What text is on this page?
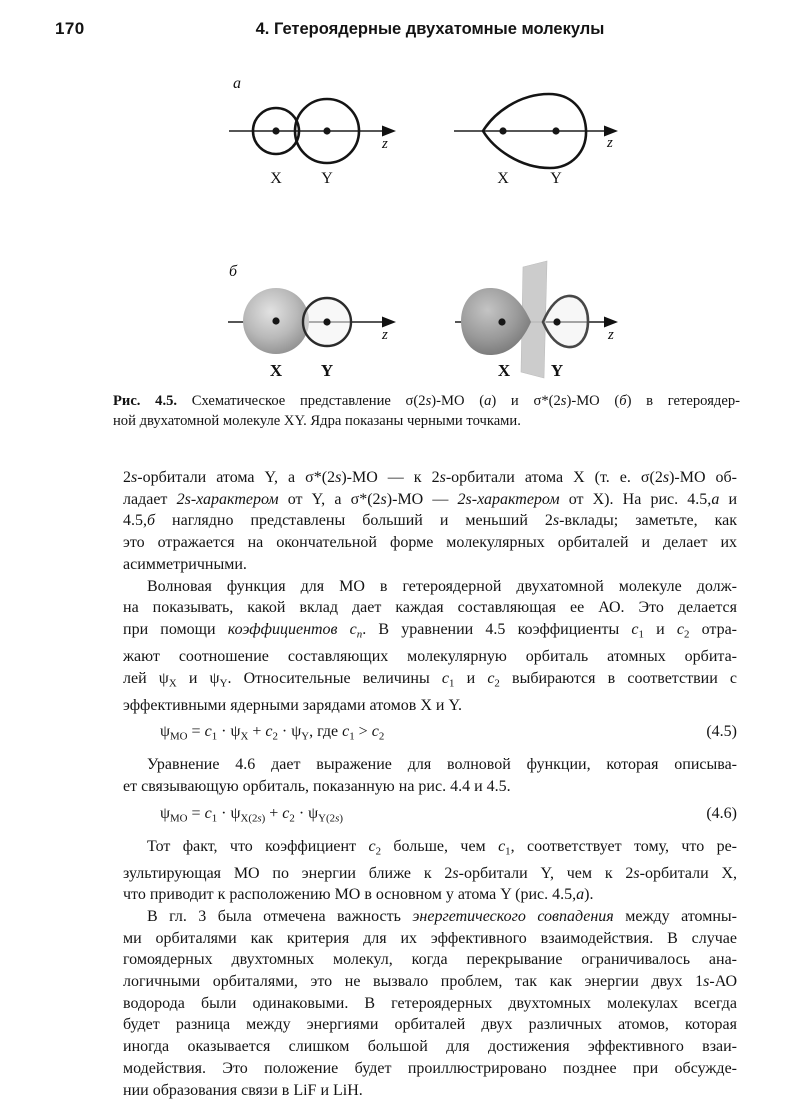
170	4. Гетероядерные двухатомные молекулы
а
z
X Y
z
X	Y
б
z
X Y
z
X Y
Рис. 4.5. Схематическое представление σ(2s)-МО (а) и σ*(2s)-МО (б) в гетероядер-
ной двухатомной молекуле XY. Ядра показаны черными точками.
2s-орбитали атома Y, а σ*(2s)-МО — к 2s-орбитали атома X (т. е. σ(2s)-МО об-
ладает 2s-характером от Y, а σ*(2s)-МО — 2s-характером от X). На рис. 4.5,а и
4.5,б наглядно представлены больший и меньший 2s-вклады; заметьте, как
это отражается на окончательной форме молекулярных орбиталей и делает их
асимметричными.
Волновая функция для МО в гетероядерной двухатомной молекуле долж-
на показывать, какой вклад дает каждая составляющая ее АО. Это делается
при помощи коэффициентов $c_n$. В уравнении 4.5 коэффициенты $c_1$ и $c_2$ отра-
жают соотношение составляющих молекулярную орбиталь атомных орбита-
лей $\psi_X$ и $\psi_Y$. Относительные величины $c_1$ и $c_2$ выбираются в соответствии с
эффективными ядерными зарядами атомов X и Y.
$\psi_{МО} = c_1 \cdot \psi_X + c_2 \cdot \psi_Y$, где $c_1 > c_2$	(4.5)
Уравнение 4.6 дает выражение для волновой функции, которая описыва-
ет связывающую орбиталь, показанную на рис. 4.4 и 4.5.
$\psi_{МО} = c_1 \cdot \psi_{X(2s)} + c_2 \cdot \psi_{Y(2s)}$	(4.6)
Тот факт, что коэффициент $c_2$ больше, чем $c_1$, соответствует тому, что ре-
зультирующая МО по энергии ближе к 2s-орбитали Y, чем к 2s-орбитали X,
что приводит к расположению МО в основном у атома Y (рис. 4.5,а).
В гл. 3 была отмечена важность энергетического совпадения между атомны-
ми орбиталями как критерия для их эффективного взаимодействия. В случае
гомоядерных двухтомных молекул, когда перекрывание ограничивалось ана-
логичными орбиталями, это не вызвало проблем, так как энергии двух 1s-АО
водорода были одинаковыми. В гетероядерных двухтомных молекулах всегда
будет разница между энергиями орбиталей двух различных атомов, которая
иногда оказывается слишком большой для достижения эффективного взаи-
модействия. Это положение будет проиллюстрировано позднее при обсужде-
нии образования связи в LiF и LiH.
